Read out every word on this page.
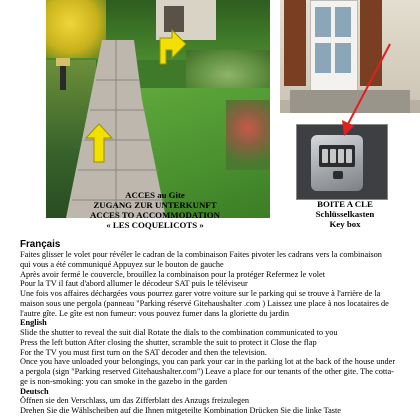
ACCES au Gite
ZUGANG ZUR UNTERKUNFT
ACCES TO ACCOMMODATION
« LES COQUELICOTS »
BOITE A CLE
Schlüsselkasten
Key box

Français

Faites glisser le volet pour révéler le cadran de la combinaison Faites pivoter les cadrans vers la combinaison

qui vous a été communiqué Appuyez sur le bouton de gauche

Après avoir fermé le couvercle, brouillez la combinaison pour la protéger Refermez le volet

Pour la TV il faut d'abord allumer le décodeur SAT puis le téléviseur

Une fois vos affaires déchargées vous pourrez garer votre voiture sur le parking qui se trouve à l'arrière de la

maison sous une pergola (panneau "Parking réservé Gitehaushalter .com ) Laissez une place à nos locataires de

l'autre gîte. Le gîte est non fumeur: vous pouvez fumer dans la gloriette du jardin

English

Slide the shutter to reveal the suit dial Rotate the dials to the combination communicated to you

Press the left button After closing the shutter, scramble the suit to protect it Close the flap

For the TV you must first turn on the SAT decoder and then the television.

Once you have unloaded your belongings, you can park your car in the parking lot at the back of the house under

a pergola (sign "Parking reserved Gitehaushalter.com") Leave a place for our tenants of the other gite. The cotta-

ge is non-smoking: you can smoke in the gazebo in the garden

Deutsch

Öffnen sie den Verschlass, um das Zifferblatt des Anzugs freizulegen

Drehen Sie die Wählscheiben auf die Ihnen mitgeteilte Kombination Drücken Sie die linke Taste
